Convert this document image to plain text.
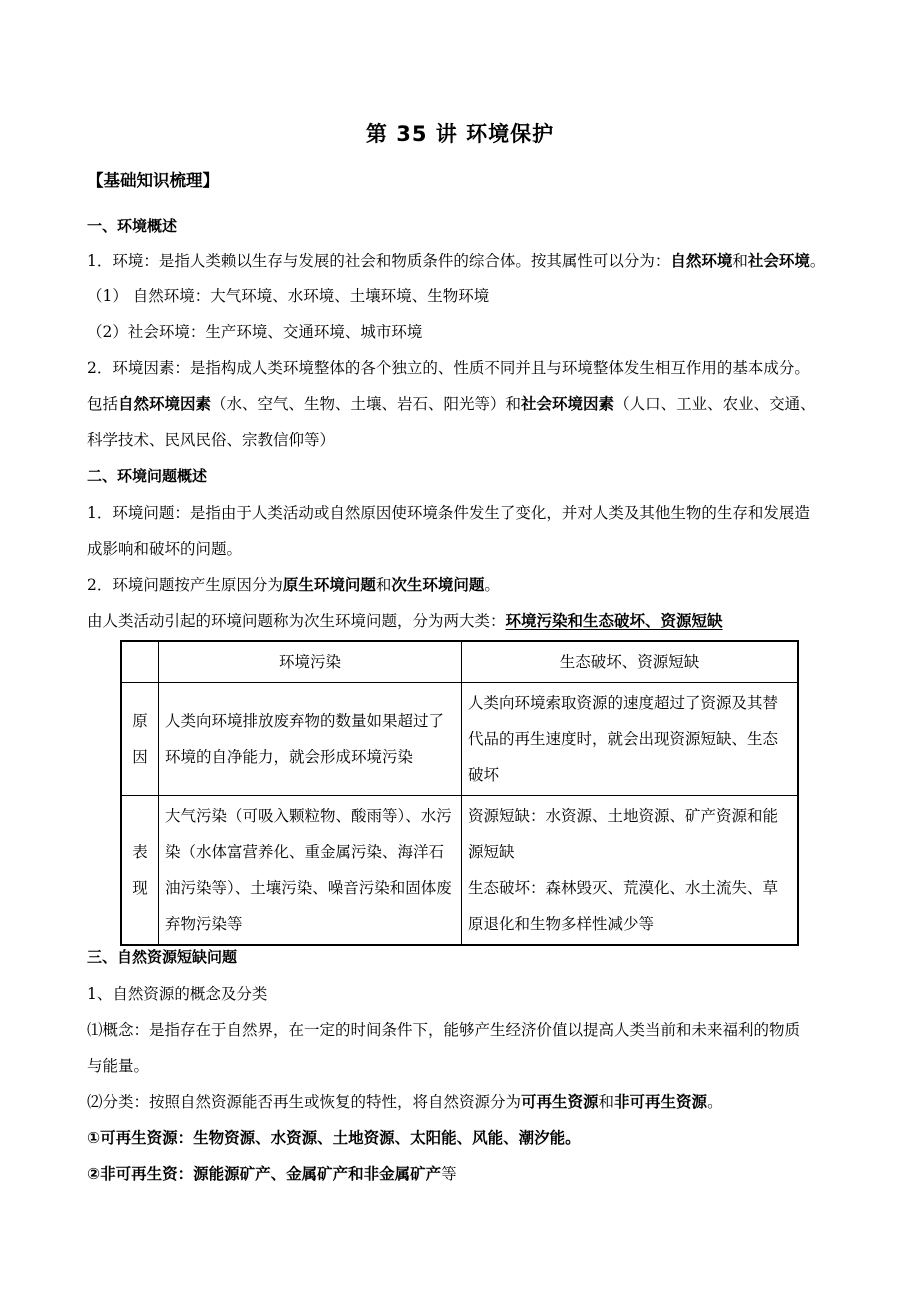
第 35 讲 环境保护
【基础知识梳理】
一、环境概述
1．环境：是指人类赖以生存与发展的社会和物质条件的综合体。按其属性可以分为：自然环境和社会环境。
（1） 自然环境：大气环境、水环境、土壤环境、生物环境
（2）社会环境：生产环境、交通环境、城市环境
2．环境因素：是指构成人类环境整体的各个独立的、性质不同并且与环境整体发生相互作用的基本成分。
包括自然环境因素（水、空气、生物、土壤、岩石、阳光等）和社会环境因素（人口、工业、农业、交通、
科学技术、民风民俗、宗教信仰等）
二、环境问题概述
1．环境问题：是指由于人类活动或自然原因使环境条件发生了变化，并对人类及其他生物的生存和发展造
成影响和破坏的问题。
2．环境问题按产生原因分为原生环境问题和次生环境问题。
由人类活动引起的环境问题称为次生环境问题，分为两大类：环境污染和生态破坏、资源短缺
	环境污染	生态破坏、资源短缺

原
因	人类向环境排放废弃物的数量如果超过了环境的自净能力，就会形成环境污染	人类向环境索取资源的速度超过了资源及其替代品的再生速度时，就会出现资源短缺、生态破坏

表
现	大气污染（可吸入颗粒物、酸雨等）、水污染（水体富营养化、重金属污染、海洋石油污染等）、土壤污染、噪音污染和固体废弃物污染等	资源短缺：水资源、土地资源、矿产资源和能源短缺
生态破坏：森林毁灭、荒漠化、水土流失、草原退化和生物多样性减少等
三、自然资源短缺问题
1、自然资源的概念及分类
⑴概念：是指存在于自然界，在一定的时间条件下，能够产生经济价值以提高人类当前和未来福利的物质
与能量。
⑵分类：按照自然资源能否再生或恢复的特性，将自然资源分为可再生资源和非可再生资源。
①可再生资源：生物资源、水资源、土地资源、太阳能、风能、潮汐能。
②非可再生资：源能源矿产、金属矿产和非金属矿产等
